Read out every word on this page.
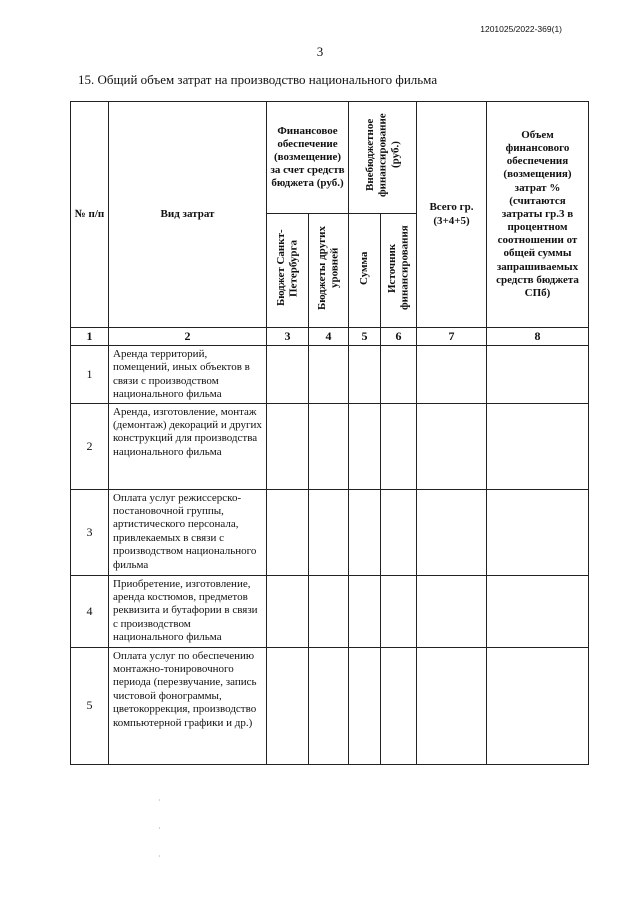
1201025/2022-369(1)
3
15. Общий объем затрат на производство национального фильма
№ п/п	Вид затрат	Финансовое обеспечение (возмещение) за счет средств бюджета (руб.)		Внебюджетное финансирование (руб.)		Всего гр.(3+4+5)	Объем финансового обеспечения (возмещения) затрат % (считаются затраты гр.3 в процентном соотношении от общей суммы запрашиваемых средств бюджета СПб)
		Бюджет Санкт-Петербурга	Бюджеты других уровней	Сумма	Источник финансирования		
1	2	3	4	5	6	7	8
1	Аренда территорий, помещений, иных объектов в связи с производством национального фильма						
2	Аренда, изготовление, монтаж (демонтаж) декораций и других конструкций для производства национального фильма						
3	Оплата услуг режиссерско-постановочной группы, артистического персонала, привлекаемых в связи с производством национального фильма						
4	Приобретение, изготовление, аренда костюмов, предметов реквизита и бутафории в связи с производством национального фильма						
5	Оплата услуг по обеспечению монтажно-тонировочного периода (перезвучание, запись чистовой фонограммы, цветокоррекция, производство компьютерной графики и др.)						
·
·
·
